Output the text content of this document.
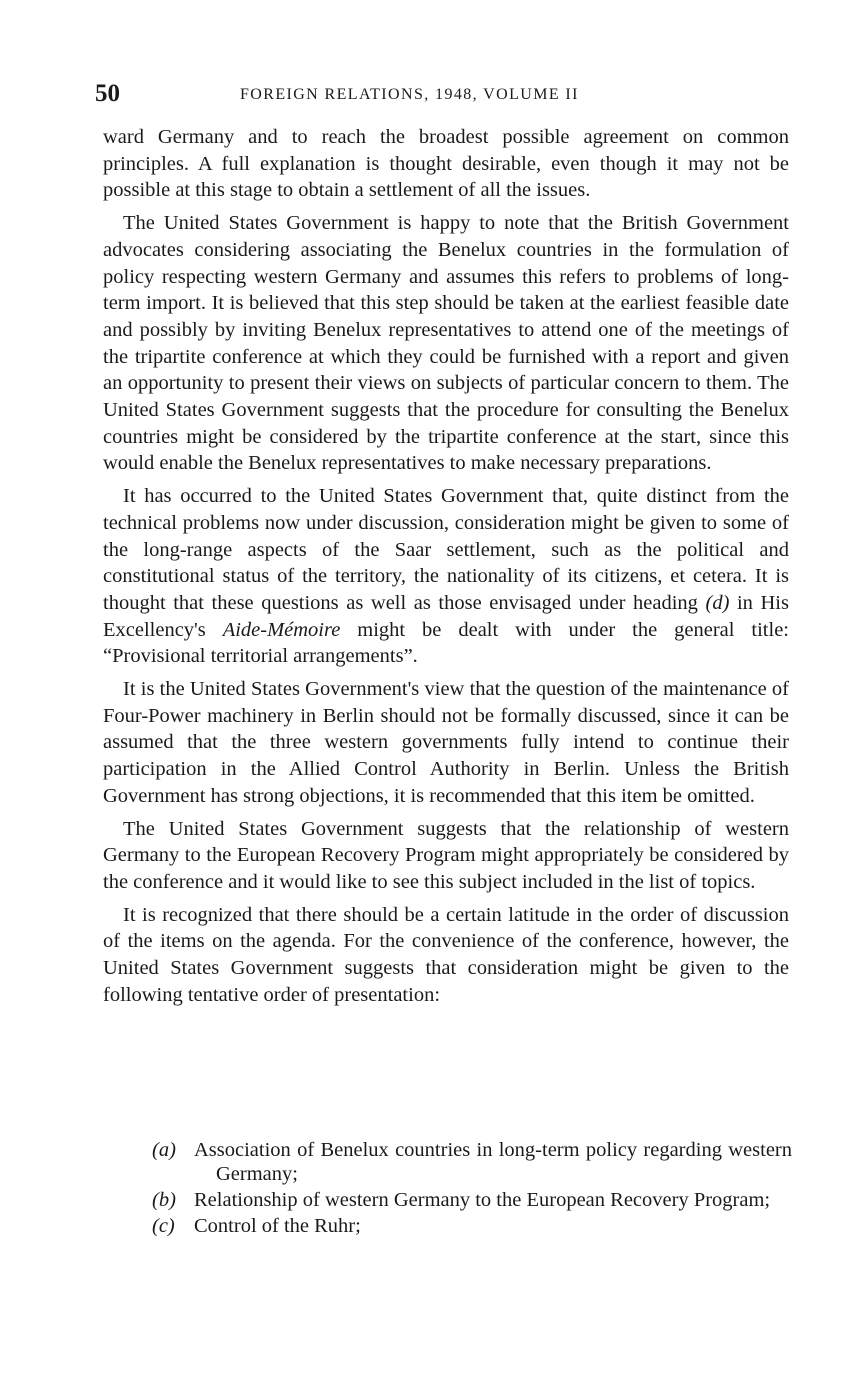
50	FOREIGN RELATIONS, 1948, VOLUME II

ward Germany and to reach the broadest possible agreement on common principles. A full explanation is thought desirable, even though it may not be possible at this stage to obtain a settlement of all the issues.

The United States Government is happy to note that the British Government advocates considering associating the Benelux countries in the formulation of policy respecting western Germany and assumes this refers to problems of long-term import. It is believed that this step should be taken at the earliest feasible date and possibly by inviting Benelux representatives to attend one of the meetings of the tripartite conference at which they could be furnished with a report and given an opportunity to present their views on subjects of particular concern to them. The United States Government suggests that the procedure for consulting the Benelux countries might be considered by the tripartite conference at the start, since this would enable the Benelux representatives to make necessary preparations.

It has occurred to the United States Government that, quite distinct from the technical problems now under discussion, consideration might be given to some of the long-range aspects of the Saar settlement, such as the political and constitutional status of the territory, the nationality of its citizens, et cetera. It is thought that these questions as well as those envisaged under heading (d) in His Excellency's Aide-Mémoire might be dealt with under the general title: “Provisional territorial arrangements”.

It is the United States Government's view that the question of the maintenance of Four-Power machinery in Berlin should not be formally discussed, since it can be assumed that the three western governments fully intend to continue their participation in the Allied Control Authority in Berlin. Unless the British Government has strong objections, it is recommended that this item be omitted.

The United States Government suggests that the relationship of western Germany to the European Recovery Program might appropriately be considered by the conference and it would like to see this subject included in the list of topics.

It is recognized that there should be a certain latitude in the order of discussion of the items on the agenda. For the convenience of the conference, however, the United States Government suggests that consideration might be given to the following tentative order of presentation:

(a) Association of Benelux countries in long-term policy regarding western Germany;
(b) Relationship of western Germany to the European Recovery Program;
(c) Control of the Ruhr;
